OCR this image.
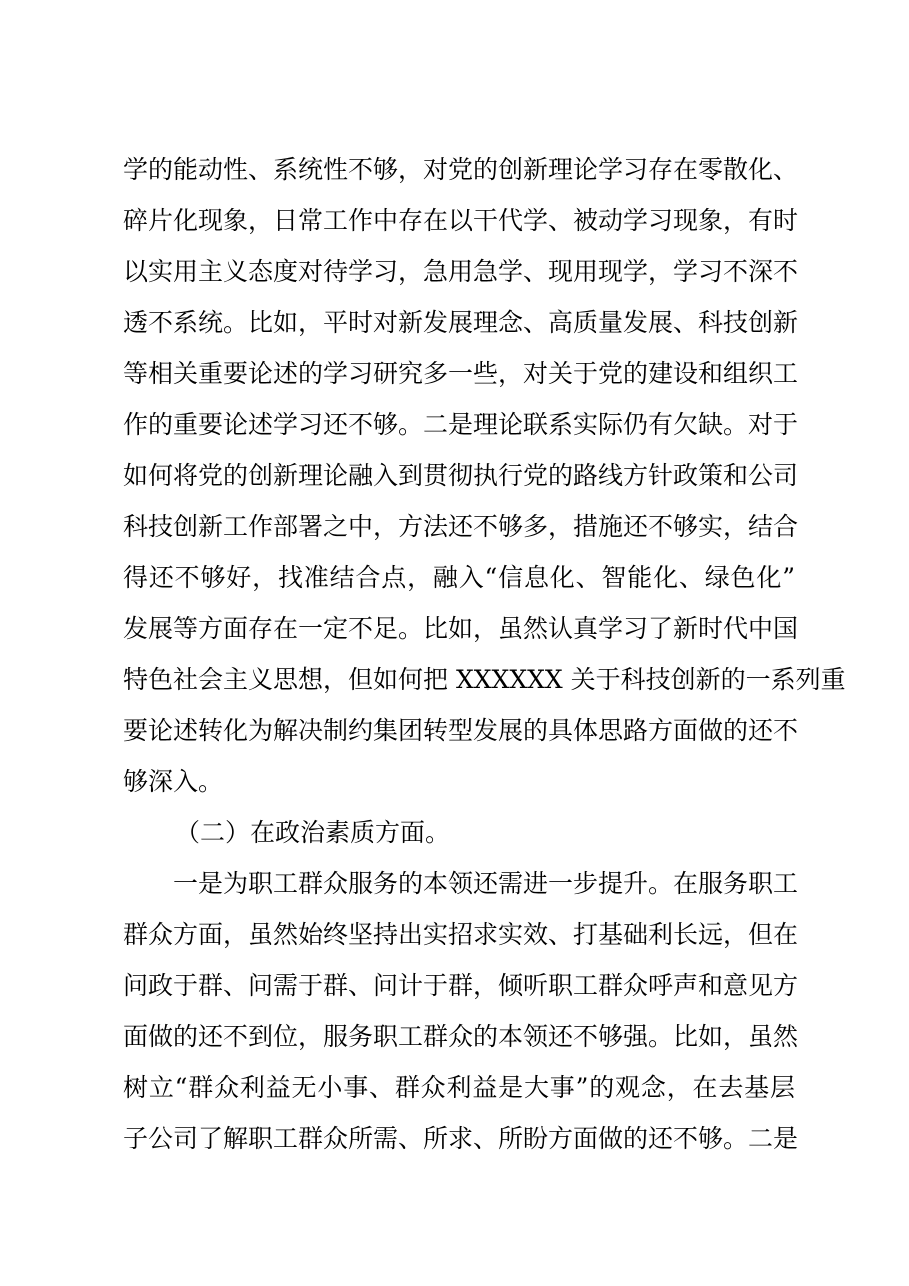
学的能动性、系统性不够，对党的创新理论学习存在零散化、
碎片化现象，日常工作中存在以干代学、被动学习现象，有时
以实用主义态度对待学习，急用急学、现用现学，学习不深不
透不系统。比如，平时对新发展理念、高质量发展、科技创新
等相关重要论述的学习研究多一些，对关于党的建设和组织工
作的重要论述学习还不够。二是理论联系实际仍有欠缺。对于
如何将党的创新理论融入到贯彻执行党的路线方针政策和公司
科技创新工作部署之中，方法还不够多，措施还不够实，结合
得还不够好，找准结合点，融入“信息化、智能化、绿色化”
发展等方面存在一定不足。比如，虽然认真学习了新时代中国
特色社会主义思想，但如何把 XXXXXX 关于科技创新的一系列重
要论述转化为解决制约集团转型发展的具体思路方面做的还不
够深入。
（二）在政治素质方面。
一是为职工群众服务的本领还需进一步提升。在服务职工
群众方面，虽然始终坚持出实招求实效、打基础利长远，但在
问政于群、问需于群、问计于群，倾听职工群众呼声和意见方
面做的还不到位，服务职工群众的本领还不够强。比如，虽然
树立“群众利益无小事、群众利益是大事”的观念，在去基层
子公司了解职工群众所需、所求、所盼方面做的还不够。二是
